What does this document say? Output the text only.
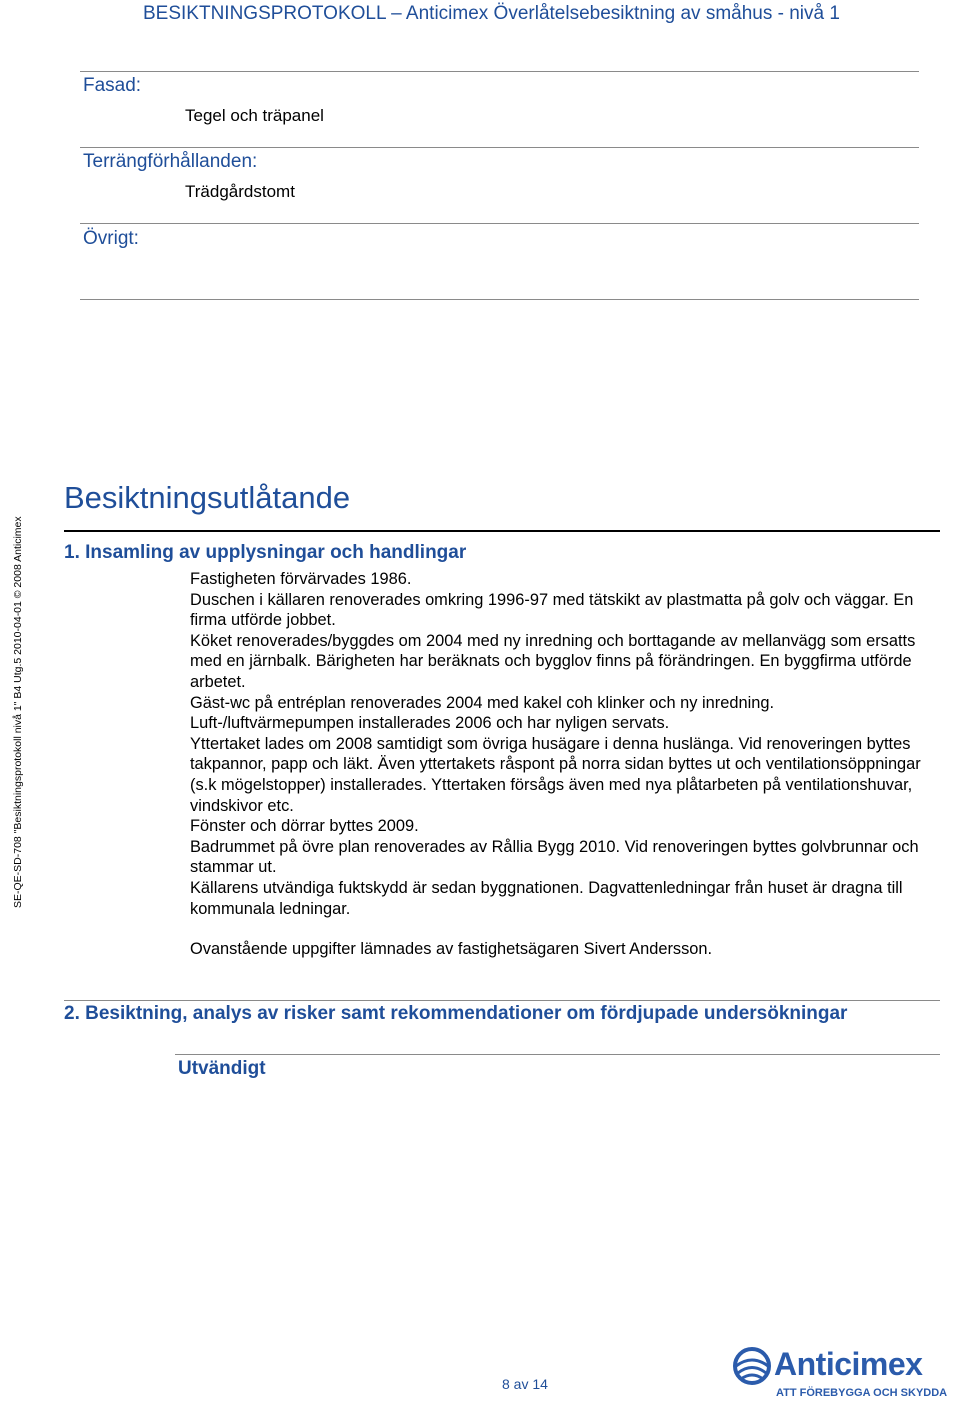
BESIKTNINGSPROTOKOLL – Anticimex Överlåtelsebesiktning av småhus - nivå 1
SE-QE-SD-708 "Besiktningsprotokoll nivå 1" B4 Utg.5 2010-04-01 © 2008 Anticimex
Fasad:
Tegel och träpanel
Terrängförhållanden:
Trädgårdstomt
Övrigt:
Besiktningsutlåtande
1. Insamling av upplysningar och handlingar

Fastigheten förvärvades 1986.

Duschen i källaren renoverades omkring 1996-97 med tätskikt av plastmatta på golv och väggar. En firma utförde jobbet.

Köket renoverades/byggdes om 2004 med ny inredning och borttagande av mellanvägg som ersatts med en järnbalk. Bärigheten har beräknats och bygglov finns på förändringen. En byggfirma utförde arbetet.

Gäst-wc på entréplan renoverades 2004 med kakel coh klinker och ny inredning.

Luft-/luftvärmepumpen installerades 2006 och har nyligen servats.

Yttertaket lades om 2008 samtidigt som övriga husägare i denna huslänga. Vid renoveringen byttes takpannor, papp och läkt. Även yttertakets råspont på norra sidan byttes ut och ventilationsöppningar (s.k mögelstopper) installerades. Yttertaken försågs även med nya plåtarbeten på ventilationshuvar, vindskivor etc.

Fönster och dörrar byttes 2009.

Badrummet på övre plan renoverades av Rållia Bygg 2010. Vid renoveringen byttes golvbrunnar och stammar ut.

Källarens utvändiga fuktskydd är sedan byggnationen. Dagvattenledningar från huset är dragna till kommunala ledningar.

Ovanstående uppgifter lämnades av fastighetsägaren Sivert Andersson.
2. Besiktning, analys av risker samt rekommendationer om fördjupade undersökningar
Utvändigt
8 av 14
Anticimex
ATT FÖREBYGGA OCH SKYDDA
